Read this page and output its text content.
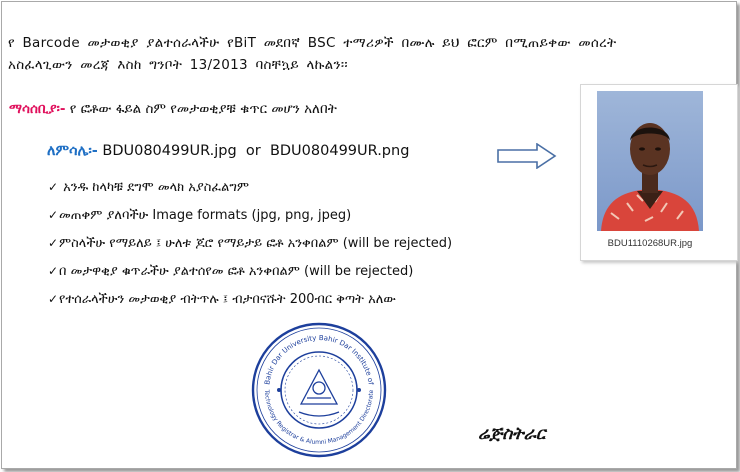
የ Barcode መታወቂያ ያልተሰራላችሁ የBiT መደበኛ BSC ተማሪዎች በሙሉ ይህ ፎርም በሚጠይቀው መሰረት
አስፈላጊውን መረጃ እስከ ግንቦት 13/2013 ባስቸኳይ ላኩልን፡፡
ማሳሰቢያ፡- የ ፎቶው ፋይል ስም የመታወቂያቹ ቁጥር መሆን አለበት
ለምሳሌ፡- BDU080499UR.jpg  or  BDU080499UR.png
BDU1110268UR.jpg
✓ አንዱ ከላካቹ ደግሞ መላክ አያስፈልግም
✓መጠቀም ያለባችሁ Image formats (jpg, png, jpeg)
✓ምስላችሁ የማይለይ ፤ ሁለቱ ጆሮ የማይታይ ፎቶ አንቀበልም (will be rejected)
✓በ መታዋቂያ ቁጥራችሁ ያልተሰየመ ፎቶ አንቀበልም (will be rejected)
✓የተሰራላችሁን መታወቂያ ብትጥሉ ፤ ብታበናሹት 200ብር ቅጣት አለው
Bahir Dar University Bahir Dar Institute of
Technology Registrar & Alumni Management Directorate
ሬጅስትራር
